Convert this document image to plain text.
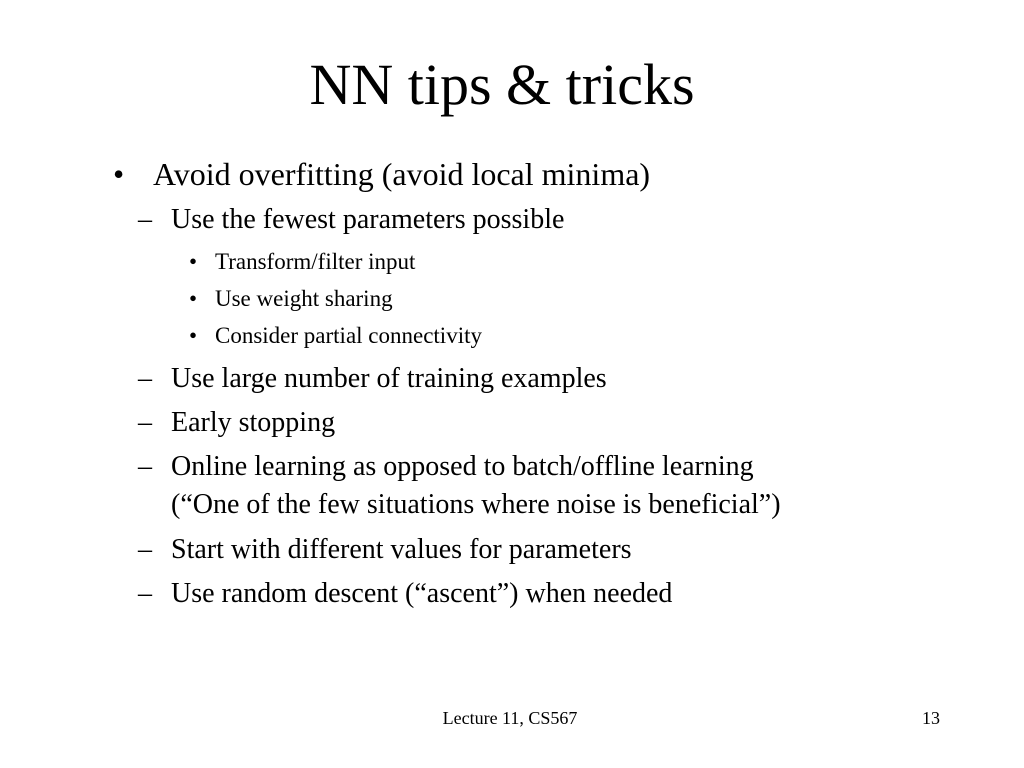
NN tips & tricks
• Avoid overfitting (avoid local minima)
– Use the fewest parameters possible
• Transform/filter input
• Use weight sharing
• Consider partial connectivity
– Use large number of training examples
– Early stopping
– Online learning as opposed to batch/offline learning
(“One of the few situations where noise is beneficial”)
– Start with different values for parameters
– Use random descent (“ascent”) when needed
Lecture 11, CS567	13
